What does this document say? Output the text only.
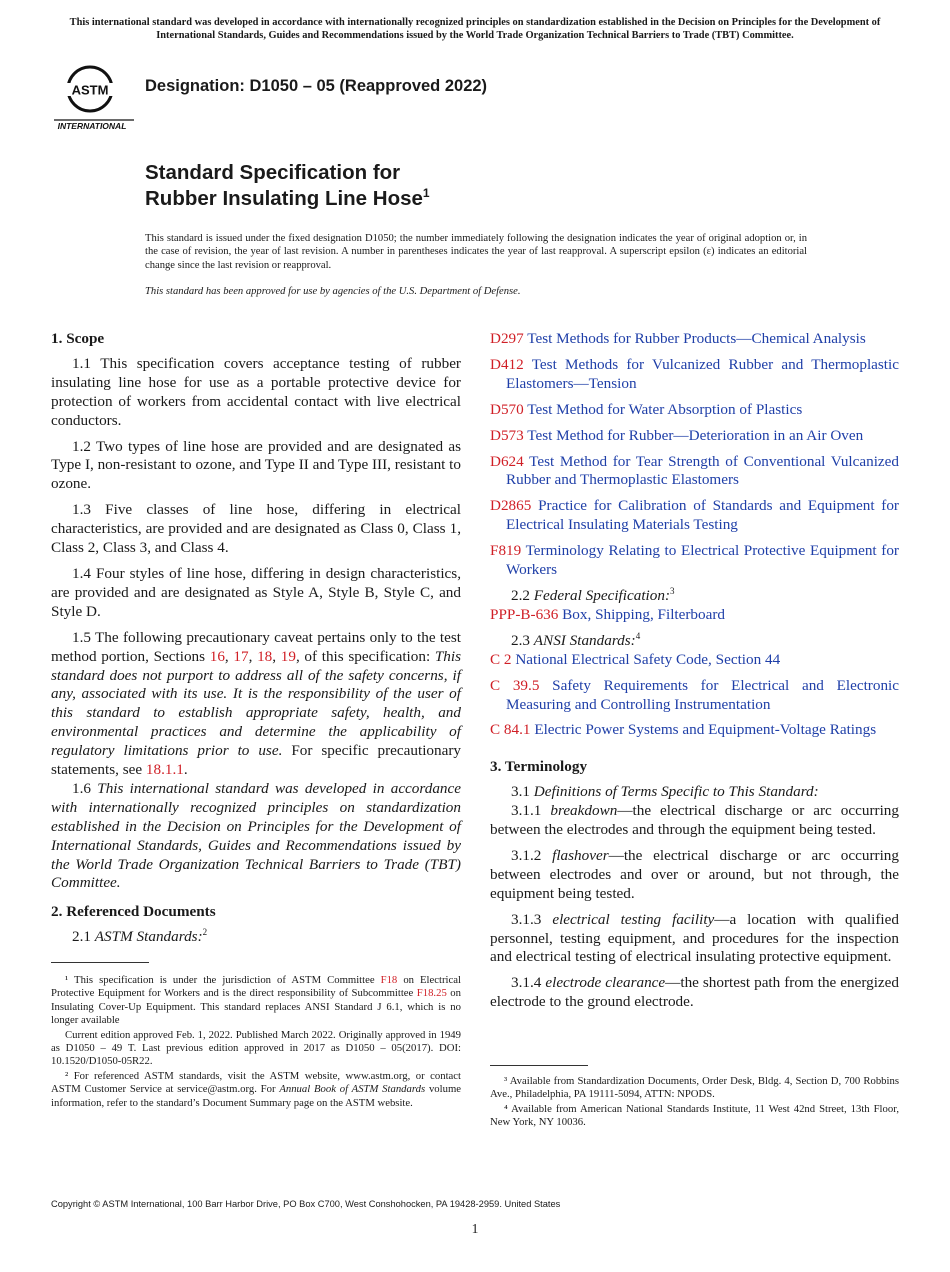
This international standard was developed in accordance with internationally recognized principles on standardization established in the Decision on Principles for the Development of International Standards, Guides and Recommendations issued by the World Trade Organization Technical Barriers to Trade (TBT) Committee.
ASTM
INTERNATIONAL
Designation: D1050 – 05 (Reapproved 2022)
Standard Specification for
Rubber Insulating Line Hose$^1$
This standard is issued under the fixed designation D1050; the number immediately following the designation indicates the year of original adoption or, in the case of revision, the year of last revision. A number in parentheses indicates the year of last reapproval. A superscript epsilon (ε) indicates an editorial change since the last revision or reapproval.
This standard has been approved for use by agencies of the U.S. Department of Defense.
1. Scope

1.1 This specification covers acceptance testing of rubber insulating line hose for use as a portable protective device for protection of workers from accidental contact with live electrical conductors.

1.2 Two types of line hose are provided and are designated as Type I, non-resistant to ozone, and Type II and Type III, resistant to ozone.

1.3 Five classes of line hose, differing in electrical characteristics, are provided and are designated as Class 0, Class 1, Class 2, Class 3, and Class 4.

1.4 Four styles of line hose, differing in design characteristics, are provided and are designated as Style A, Style B, Style C, and Style D.

1.5 The following precautionary caveat pertains only to the test method portion, Sections 16, 17, 18, 19, of this specification: This standard does not purport to address all of the safety concerns, if any, associated with its use. It is the responsibility of the user of this standard to establish appropriate safety, health, and environmental practices and determine the applicability of regulatory limitations prior to use. For specific precautionary statements, see 18.1.1.

1.6 This international standard was developed in accordance with internationally recognized principles on standardization established in the Decision on Principles for the Development of International Standards, Guides and Recommendations issued by the World Trade Organization Technical Barriers to Trade (TBT) Committee.

2. Referenced Documents

2.1 ASTM Standards:$^2$

¹ This specification is under the jurisdiction of ASTM Committee F18 on Electrical Protective Equipment for Workers and is the direct responsibility of Subcommittee F18.25 on Insulating Cover-Up Equipment. This standard replaces ANSI Standard J 6.1, which is no longer available

Current edition approved Feb. 1, 2022. Published March 2022. Originally approved in 1949 as D1050 – 49 T. Last previous edition approved in 2017 as D1050 – 05(2017). DOI: 10.1520/D1050-05R22.

² For referenced ASTM standards, visit the ASTM website, www.astm.org, or contact ASTM Customer Service at service@astm.org. For Annual Book of ASTM Standards volume information, refer to the standard’s Document Summary page on the ASTM website.

D297 Test Methods for Rubber Products—Chemical Analysis

D412 Test Methods for Vulcanized Rubber and Thermoplastic Elastomers—Tension

D570 Test Method for Water Absorption of Plastics

D573 Test Method for Rubber—Deterioration in an Air Oven

D624 Test Method for Tear Strength of Conventional Vulcanized Rubber and Thermoplastic Elastomers

D2865 Practice for Calibration of Standards and Equipment for Electrical Insulating Materials Testing

F819 Terminology Relating to Electrical Protective Equipment for Workers

2.2 Federal Specification:$^3$

PPP-B-636 Box, Shipping, Filterboard

2.3 ANSI Standards:$^4$

C 2 National Electrical Safety Code, Section 44

C 39.5 Safety Requirements for Electrical and Electronic Measuring and Controlling Instrumentation

C 84.1 Electric Power Systems and Equipment-Voltage Ratings

3. Terminology

3.1 Definitions of Terms Specific to This Standard:

3.1.1 breakdown—the electrical discharge or arc occurring between the electrodes and through the equipment being tested.

3.1.2 flashover—the electrical discharge or arc occurring between electrodes and over or around, but not through, the equipment being tested.

3.1.3 electrical testing facility—a location with qualified personnel, testing equipment, and procedures for the inspection and electrical testing of electrical insulating protective equipment.

3.1.4 electrode clearance—the shortest path from the energized electrode to the ground electrode.

³ Available from Standardization Documents, Order Desk, Bldg. 4, Section D, 700 Robbins Ave., Philadelphia, PA 19111-5094, ATTN: NPODS.

⁴ Available from American National Standards Institute, 11 West 42nd Street, 13th Floor, New York, NY 10036.

Copyright © ASTM International, 100 Barr Harbor Drive, PO Box C700, West Conshohocken, PA 19428-2959. United States
1
